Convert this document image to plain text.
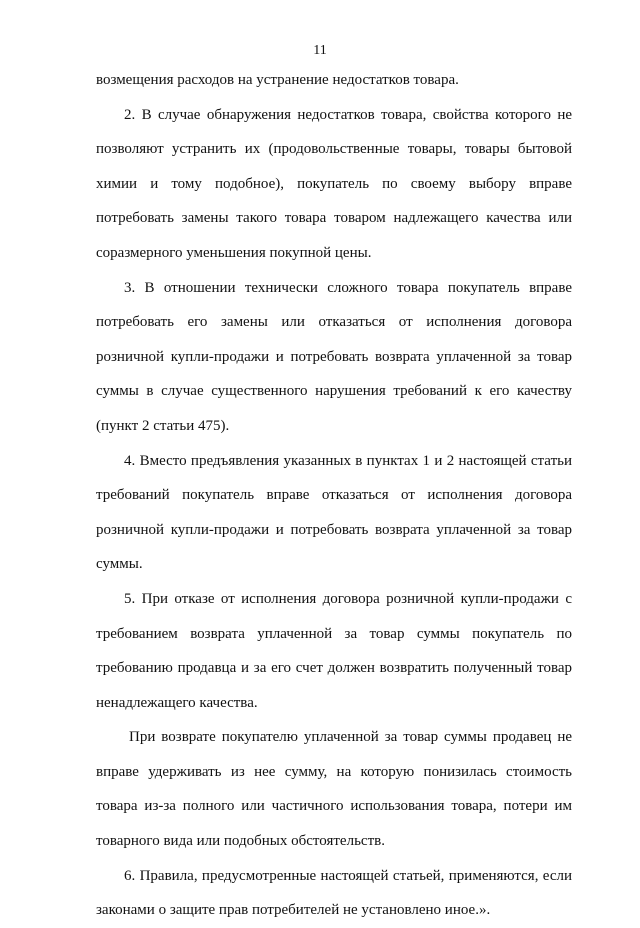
11

возмещения расходов на устранение недостатков товара.

2. В случае обнаружения недостатков товара, свойства которого не позволяют устранить их (продовольственные товары, товары бытовой химии и тому подобное), покупатель по своему выбору вправе потребовать замены такого товара товаром надлежащего качества или соразмерного уменьшения покупной цены.

3. В отношении технически сложного товара покупатель вправе потребовать его замены или отказаться от исполнения договора розничной купли-продажи и потребовать возврата уплаченной за товар суммы в случае существенного нарушения требований к его качеству (пункт 2 статьи 475).

4. Вместо предъявления указанных в пунктах 1 и 2 настоящей статьи требований покупатель вправе отказаться от исполнения договора розничной купли-продажи и потребовать возврата уплаченной за товар суммы.

5. При отказе от исполнения договора розничной купли-продажи с требованием возврата уплаченной за товар суммы покупатель по требованию продавца и за его счет должен возвратить полученный товар ненадлежащего качества.

При возврате покупателю уплаченной за товар суммы продавец не вправе удерживать из нее сумму, на которую понизилась стоимость товара из-за полного или частичного использования товара, потери им товарного вида или подобных обстоятельств.

6. Правила, предусмотренные настоящей статьей, применяются, если законами о защите прав потребителей не установлено иное.».
